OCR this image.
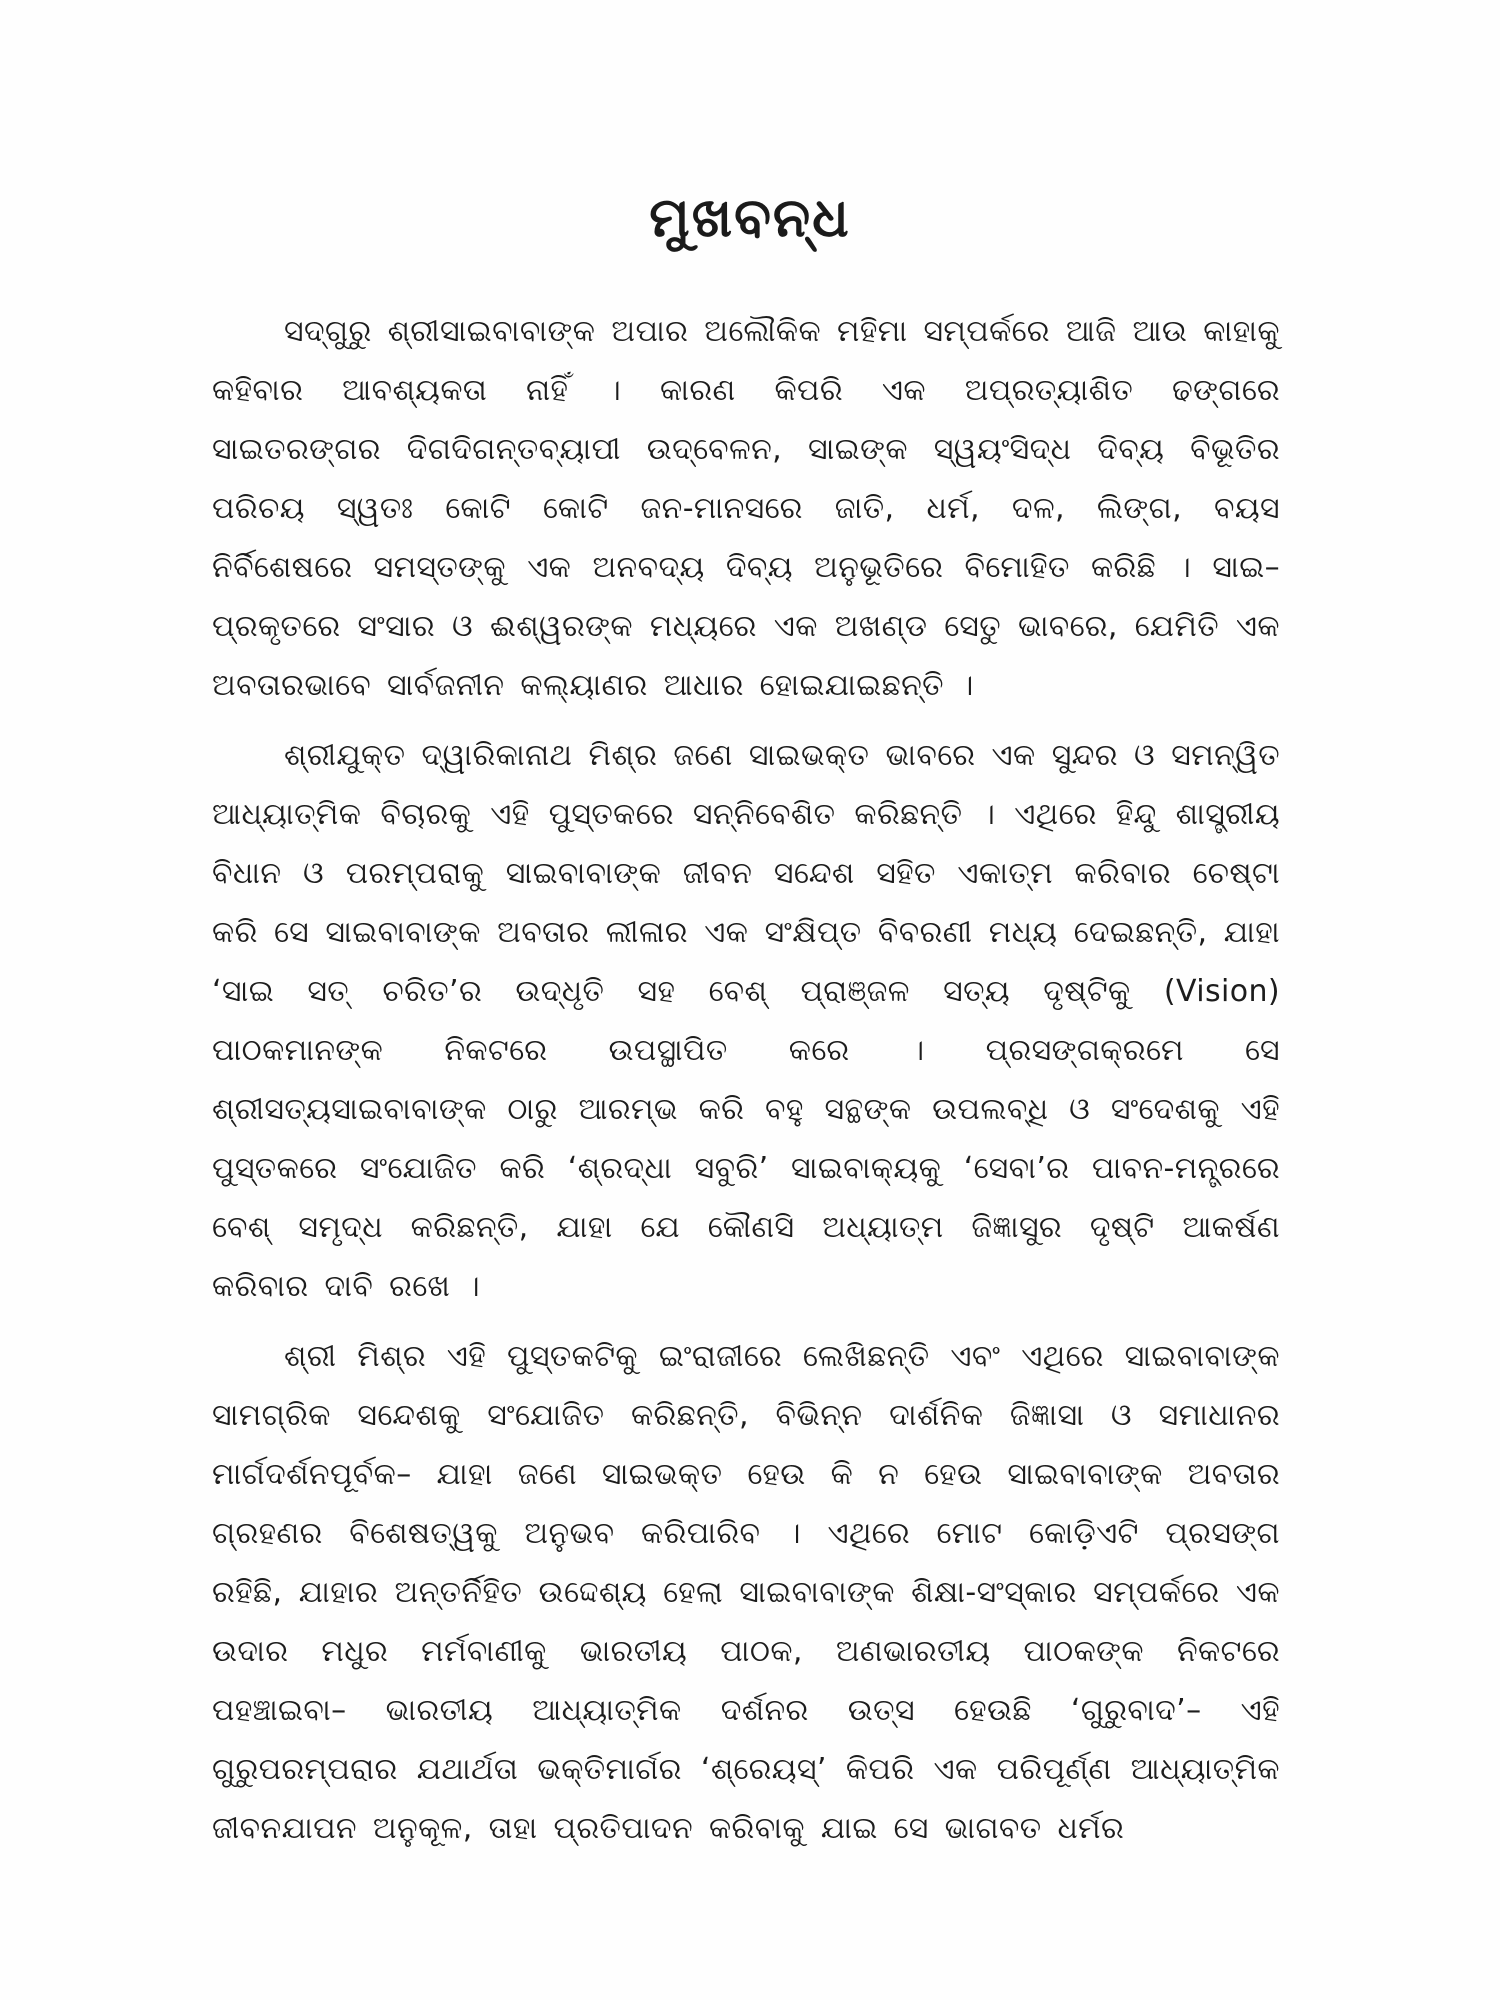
ମୁଖବନ୍ଧ

ସଦ୍‌ଗୁରୁ ଶ୍ରୀସାଇବାବାଙ୍କ ଅପାର ଅଲୌକିକ ମହିମା ସମ୍ପର୍କରେ ଆଜି ଆଉ କାହାକୁ କହିବାର ଆବଶ୍ୟକତା ନାହିଁ । କାରଣ କିପରି ଏକ ଅପ୍ରତ୍ୟାଶିତ ଢଙ୍ଗରେ ସାଇତରଙ୍ଗର ଦିଗଦିଗନ୍ତବ୍ୟାପୀ ଉଦ୍‌ବେଳନ, ସାଇଙ୍କ ସ୍ୱୟଂସିଦ୍ଧ ଦିବ୍ୟ ବିଭୂତିର ପରିଚୟ ସ୍ୱତଃ କୋଟି କୋଟି ଜନ-ମାନସରେ ଜାତି, ଧର୍ମ, ଦଳ, ଲିଙ୍ଗ, ବୟସ ନିର୍ବିଶେଷରେ ସମସ୍ତଙ୍କୁ ଏକ ଅନବଦ୍ୟ ଦିବ୍ୟ ଅନୁଭୂତିରେ ବିମୋହିତ କରିଛି । ସାଇ–ପ୍ରକୃତରେ ସଂସାର ଓ ଈଶ୍ୱରଙ୍କ ମଧ୍ୟରେ ଏକ ଅଖଣ୍ଡ ସେତୁ ଭାବରେ, ଯେମିତି ଏକ ଅବତାରଭାବେ ସାର୍ବଜନୀନ କଲ୍ୟାଣର ଆଧାର ହୋଇଯାଇଛନ୍ତି ।

ଶ୍ରୀଯୁକ୍ତ ଦ୍ୱାରିକାନାଥ ମିଶ୍ର ଜଣେ ସାଇଭକ୍ତ ଭାବରେ ଏକ ସୁନ୍ଦର ଓ ସମନ୍ୱିତ ଆଧ୍ୟାତ୍ମିକ ବିଚାରକୁ ଏହି ପୁସ୍ତକରେ ସନ୍ନିବେଶିତ କରିଛନ୍ତି । ଏଥିରେ ହିନ୍ଦୁ ଶାସ୍ତ୍ରୀୟ ବିଧାନ ଓ ପରମ୍ପରାକୁ ସାଇବାବାଙ୍କ ଜୀବନ ସନ୍ଦେଶ ସହିତ ଏକାତ୍ମ କରିବାର ଚେଷ୍ଟା କରି ସେ ସାଇବାବାଙ୍କ ଅବତାର ଲୀଳାର ଏକ ସଂକ୍ଷିପ୍ତ ବିବରଣୀ ମଧ୍ୟ ଦେଇଛନ୍ତି, ଯାହା ‘ସାଇ ସତ୍ ଚରିତ’ର ଉଦ୍ଧୃତି ସହ ବେଶ୍ ପ୍ରାଞ୍ଜଳ ସତ୍ୟ ଦୃଷ୍ଟିକୁ (Vision) ପାଠକମାନଙ୍କ ନିକଟରେ ଉପସ୍ଥାପିତ କରେ । ପ୍ରସଙ୍ଗକ୍ରମେ ସେ ଶ୍ରୀସତ୍ୟସାଇବାବାଙ୍କ ଠାରୁ ଆରମ୍ଭ କରି ବହୁ ସନ୍ଥଙ୍କ ଉପଲବ୍ଧି ଓ ସଂଦେଶକୁ ଏହି ପୁସ୍ତକରେ ସଂଯୋଜିତ କରି ‘ଶ୍ରଦ୍ଧା ସବୁରି’ ସାଇବାକ୍ୟକୁ ‘ସେବା’ର ପାବନ-ମନ୍ତ୍ରରେ ବେଶ୍ ସମୃଦ୍ଧ କରିଛନ୍ତି, ଯାହା ଯେ କୌଣସି ଅଧ୍ୟାତ୍ମ ଜିଜ୍ଞାସୁର ଦୃଷ୍ଟି ଆକର୍ଷଣ କରିବାର ଦାବି ରଖେ ।

ଶ୍ରୀ ମିଶ୍ର ଏହି ପୁସ୍ତକଟିକୁ ଇଂରାଜୀରେ ଲେଖିଛନ୍ତି ଏବଂ ଏଥିରେ ସାଇବାବାଙ୍କ ସାମଗ୍ରିକ ସନ୍ଦେଶକୁ ସଂଯୋଜିତ କରିଛନ୍ତି, ବିଭିନ୍ନ ଦାର୍ଶନିକ ଜିଜ୍ଞାସା ଓ ସମାଧାନର ମାର୍ଗଦର୍ଶନପୂର୍ବକ– ଯାହା ଜଣେ ସାଇଭକ୍ତ ହେଉ କି ନ ହେଉ ସାଇବାବାଙ୍କ ଅବତାର ଗ୍ରହଣର ବିଶେଷତ୍ୱକୁ ଅନୁଭବ କରିପାରିବ । ଏଥିରେ ମୋଟ କୋଡ଼ିଏଟି ପ୍ରସଙ୍ଗ ରହିଛି, ଯାହାର ଅନ୍ତର୍ନିହିତ ଉଦ୍ଦେଶ୍ୟ ହେଲା ସାଇବାବାଙ୍କ ଶିକ୍ଷା-ସଂସ୍କାର ସମ୍ପର୍କରେ ଏକ ଉଦାର ମଧୁର ମର୍ମବାଣୀକୁ ଭାରତୀୟ ପାଠକ, ଅଣଭାରତୀୟ ପାଠକଙ୍କ ନିକଟରେ ପହଞ୍ଚାଇବା– ଭାରତୀୟ ଆଧ୍ୟାତ୍ମିକ ଦର୍ଶନର ଉତ୍ସ ହେଉଛି ‘ଗୁରୁବାଦ’– ଏହି ଗୁରୁପରମ୍ପରାର ଯଥାର୍ଥତା ଭକ୍ତିମାର୍ଗର ‘ଶ୍ରେୟସ୍’ କିପରି ଏକ ପରିପୂର୍ଣ୍ଣ ଆଧ୍ୟାତ୍ମିକ ଜୀବନଯାପନ ଅନୁକୂଳ, ତାହା ପ୍ରତିପାଦନ କରିବାକୁ ଯାଇ ସେ ଭାଗବତ ଧର୍ମର
